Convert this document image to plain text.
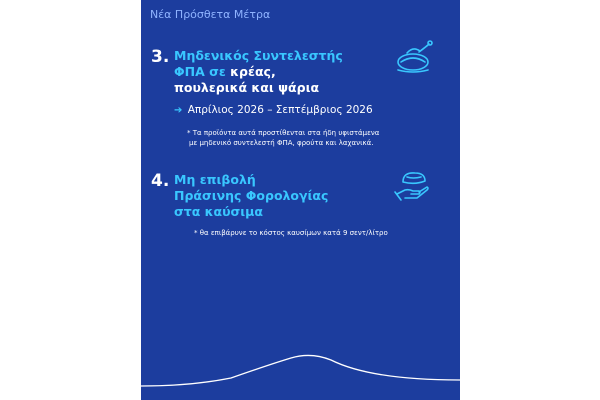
Νέα Πρόσθετα Μέτρα
3. Μηδενικός Συντελεστής
ΦΠΑ σε κρέας,
πουλερικά και ψάρια
➔ Απρίλιος 2026 – Σεπτέμβριος 2026
* Τα προϊόντα αυτά προστίθενται στα ήδη υφιστάμενα
με μηδενικό συντελεστή ΦΠΑ, φρούτα και λαχανικά.
4. Μη επιβολή
Πράσινης Φορολογίας
στα καύσιμα
* θα επιβάρυνε το κόστος καυσίμων κατά 9 σεντ/λίτρο
